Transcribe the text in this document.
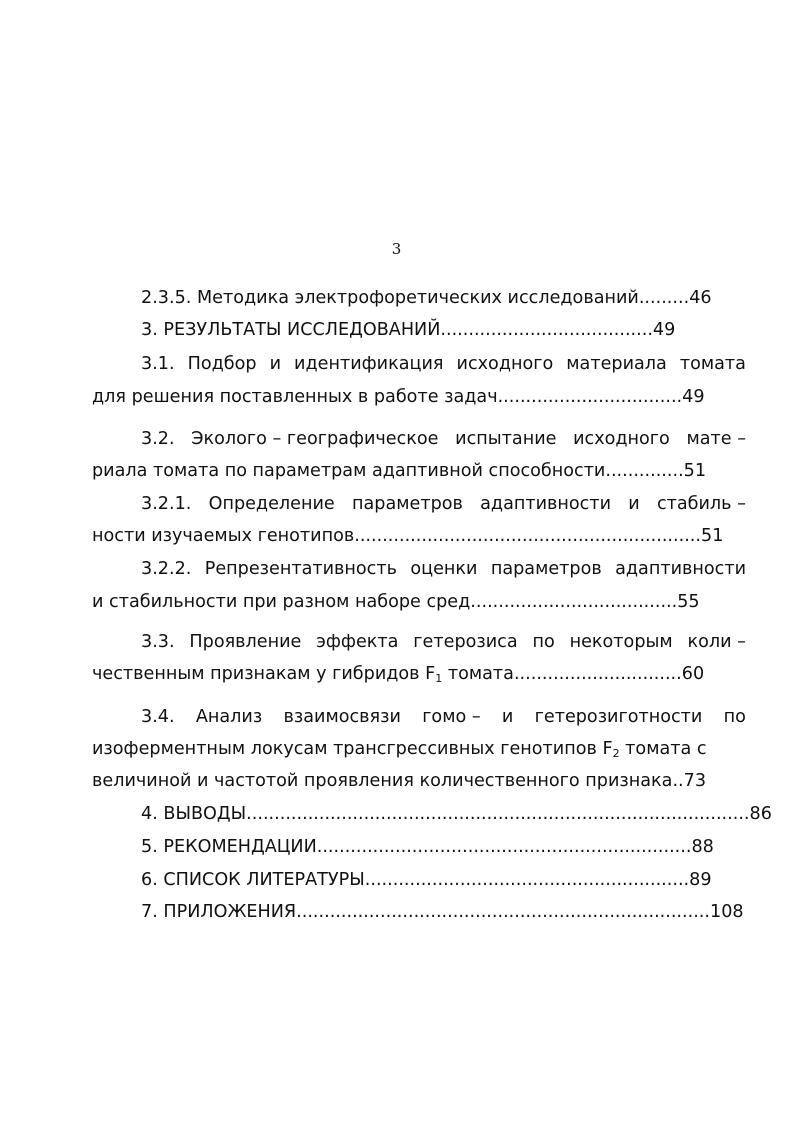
3
2.3.5. Методика электрофоретических исследований.........46
3. РЕЗУЛЬТАТЫ ИССЛЕДОВАНИЙ......................................49
3.1. Подбор и идентификация исходного материала томата
для решения поставленных в работе задач.................................49
3.2. Эколого – географическое испытание исходного мате –
риала томата по параметрам адаптивной способности..............51
3.2.1. Определение параметров адаптивности и стабиль –
ности изучаемых генотипов..............................................................51
3.2.2. Репрезентативность оценки параметров адаптивности
и стабильности при разном наборе сред.....................................55
3.3. Проявление эффекта гетерозиса по некоторым коли –
чественным признакам у гибридов $F_1$ томата..............................60
3.4. Анализ взаимосвязи гомо – и гетерозиготности по
изоферментным локусам трансгрессивных генотипов $F_2$ томата с
величиной и частотой проявления количественного признака..73
4. ВЫВОДЫ..........................................................................................86
5. РЕКОМЕНДАЦИИ...................................................................88
6. СПИСОК ЛИТЕРАТУРЫ..........................................................89
7. ПРИЛОЖЕНИЯ..........................................................................108
